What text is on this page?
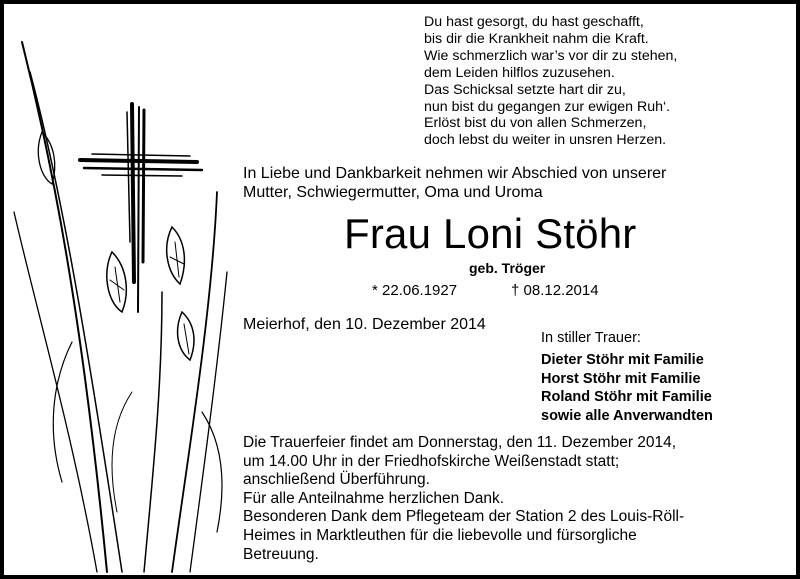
Du hast gesorgt, du hast geschafft,
bis dir die Krankheit nahm die Kraft.
Wie schmerzlich war’s vor dir zu stehen,
dem Leiden hilflos zuzusehen.
Das Schicksal setzte hart dir zu,
nun bist du gegangen zur ewigen Ruh‘.
Erlöst bist du von allen Schmerzen,
doch lebst du weiter in unsren Herzen.
In Liebe und Dankbarkeit nehmen wir Abschied von unserer
Mutter, Schwiegermutter, Oma und Uroma
Frau Loni Stöhr
geb. Tröger
* 22.06.1927	† 08.12.2014
Meierhof, den 10. Dezember 2014
In stiller Trauer:
Dieter Stöhr mit Familie
Horst Stöhr mit Familie
Roland Stöhr mit Familie
sowie alle Anverwandten
Die Trauerfeier findet am Donnerstag, den 11. Dezember 2014,
um 14.00 Uhr in der Friedhofskirche Weißenstadt statt;
anschließend Überführung.
Für alle Anteilnahme herzlichen Dank.
Besonderen Dank dem Pflegeteam der Station 2 des Louis-Röll-
Heimes in Marktleuthen für die liebevolle und fürsorgliche
Betreuung.
